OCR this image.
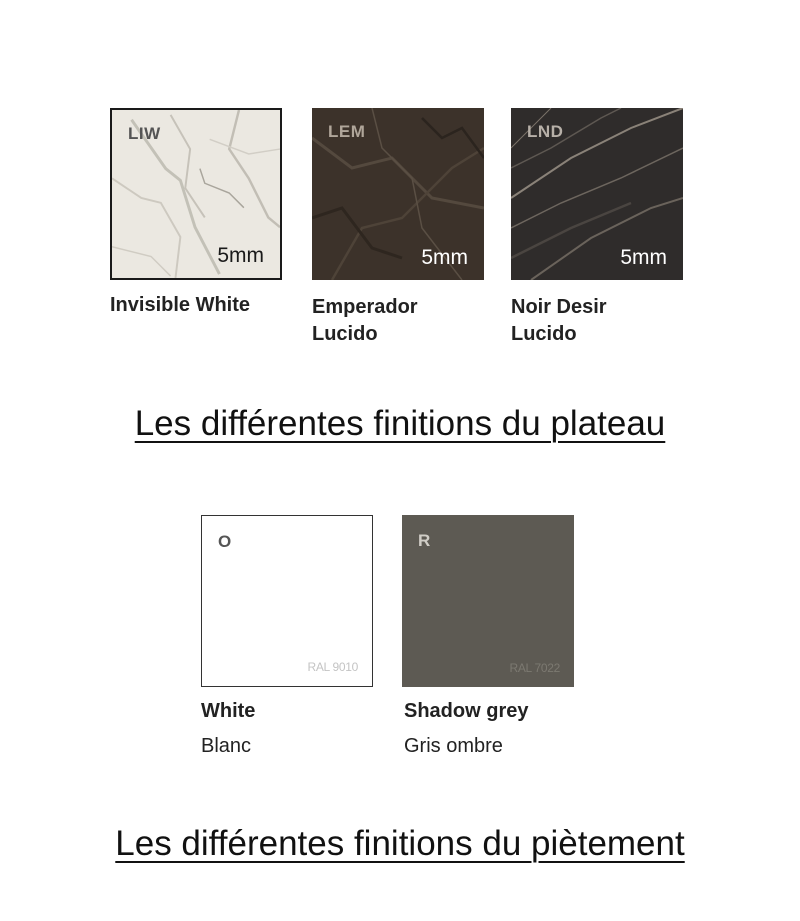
LIW
5mm
LEM
5mm
LND
5mm
Invisible White	Emperador
Lucido
Noir Desir
Lucido
Les différentes finitions du plateau
O
RAL 9010
R
RAL 7022
White
Blanc
Shadow grey
Gris ombre
Les différentes finitions du piètement
